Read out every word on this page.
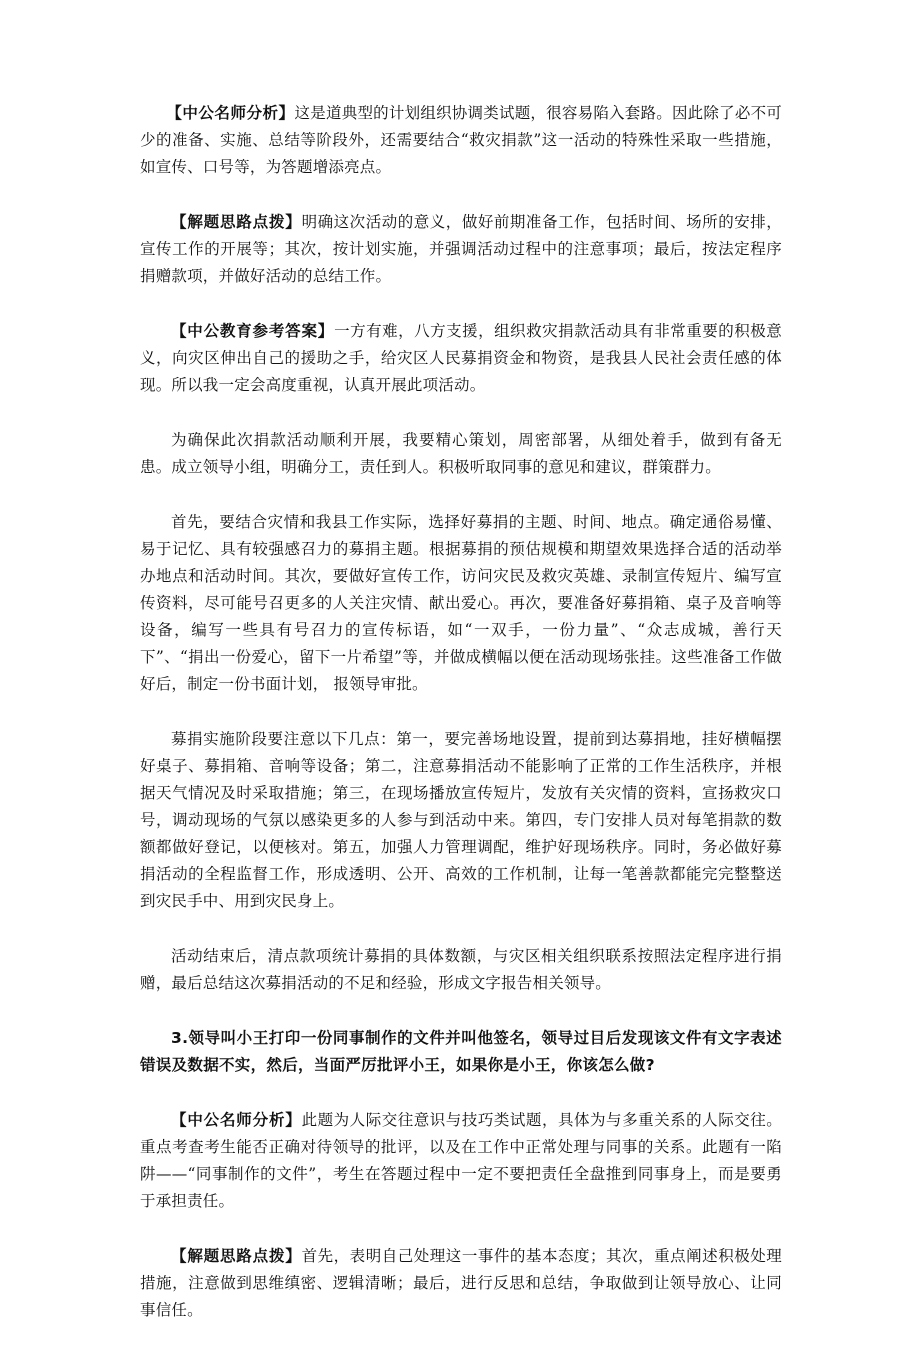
【中公名师分析】这是道典型的计划组织协调类试题，很容易陷入套路。因此除了必不可少的准备、实施、总结等阶段外，还需要结合“救灾捐款”这一活动的特殊性采取一些措施，如宣传、口号等，为答题增添亮点。

【解题思路点拨】明确这次活动的意义，做好前期准备工作，包括时间、场所的安排，宣传工作的开展等；其次，按计划实施，并强调活动过程中的注意事项；最后，按法定程序捐赠款项，并做好活动的总结工作。

【中公教育参考答案】一方有难，八方支援，组织救灾捐款活动具有非常重要的积极意义，向灾区伸出自己的援助之手，给灾区人民募捐资金和物资，是我县人民社会责任感的体现。所以我一定会高度重视，认真开展此项活动。

为确保此次捐款活动顺利开展，我要精心策划，周密部署，从细处着手，做到有备无患。成立领导小组，明确分工，责任到人。积极听取同事的意见和建议，群策群力。

首先，要结合灾情和我县工作实际，选择好募捐的主题、时间、地点。确定通俗易懂、易于记忆、具有较强感召力的募捐主题。根据募捐的预估规模和期望效果选择合适的活动举办地点和活动时间。其次，要做好宣传工作，访问灾民及救灾英雄、录制宣传短片、编写宣传资料，尽可能号召更多的人关注灾情、献出爱心。再次，要准备好募捐箱、桌子及音响等设备，编写一些具有号召力的宣传标语，如“一双手，一份力量”、“众志成城，善行天下”、“捐出一份爱心，留下一片希望”等，并做成横幅以便在活动现场张挂。这些准备工作做好后，制定一份书面计划， 报领导审批。

募捐实施阶段要注意以下几点：第一，要完善场地设置，提前到达募捐地，挂好横幅摆好桌子、募捐箱、音响等设备；第二，注意募捐活动不能影响了正常的工作生活秩序，并根据天气情况及时采取措施；第三，在现场播放宣传短片，发放有关灾情的资料，宣扬救灾口号，调动现场的气氛以感染更多的人参与到活动中来。第四，专门安排人员对每笔捐款的数额都做好登记，以便核对。第五，加强人力管理调配，维护好现场秩序。同时，务必做好募捐活动的全程监督工作，形成透明、公开、高效的工作机制，让每一笔善款都能完完整整送到灾民手中、用到灾民身上。

活动结束后，清点款项统计募捐的具体数额，与灾区相关组织联系按照法定程序进行捐赠，最后总结这次募捐活动的不足和经验，形成文字报告相关领导。

3.领导叫小王打印一份同事制作的文件并叫他签名，领导过目后发现该文件有文字表述错误及数据不实，然后，当面严厉批评小王，如果你是小王，你该怎么做?

【中公名师分析】此题为人际交往意识与技巧类试题，具体为与多重关系的人际交往。重点考查考生能否正确对待领导的批评，以及在工作中正常处理与同事的关系。此题有一陷阱——“同事制作的文件”，考生在答题过程中一定不要把责任全盘推到同事身上，而是要勇于承担责任。

【解题思路点拨】首先，表明自己处理这一事件的基本态度；其次，重点阐述积极处理措施，注意做到思维缜密、逻辑清晰；最后，进行反思和总结，争取做到让领导放心、让同事信任。
